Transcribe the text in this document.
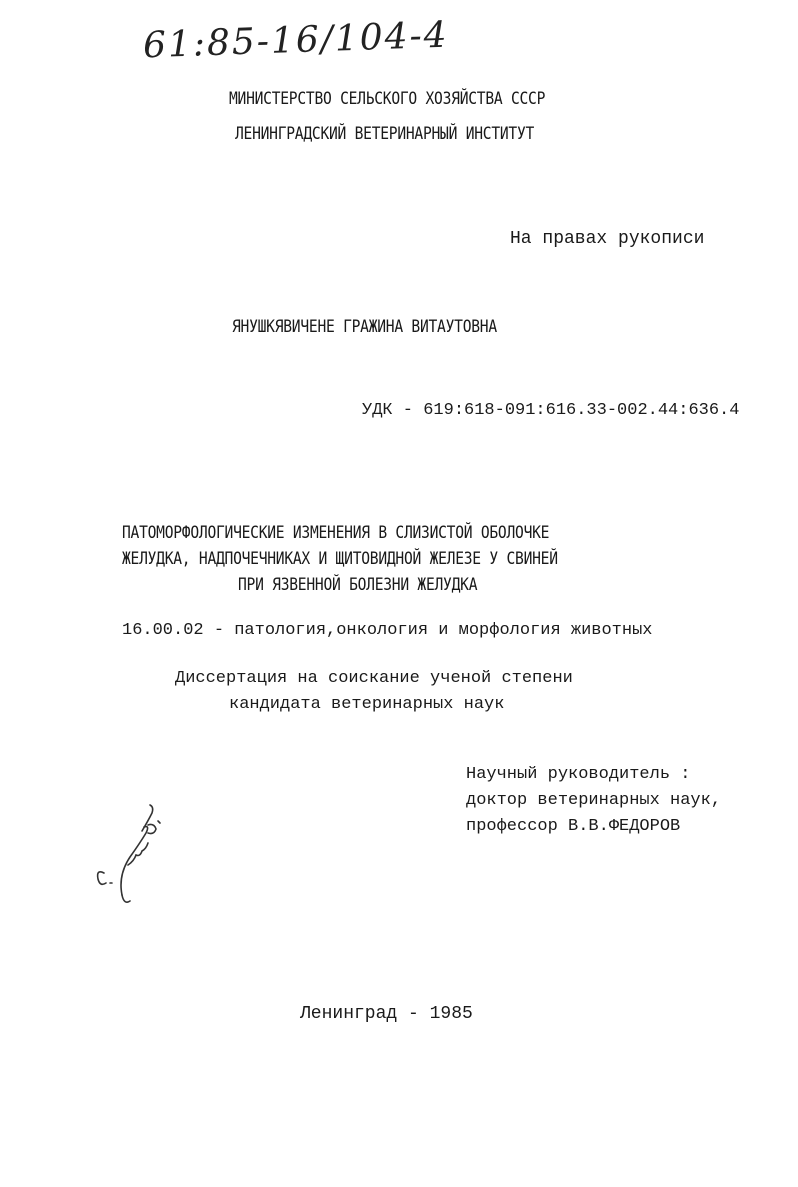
61:85-16/104-4
МИНИСТЕРСТВО СЕЛЬСКОГО ХОЗЯЙСТВА СССР
ЛЕНИНГРАДСКИЙ ВЕТЕРИНАРНЫЙ ИНСТИТУТ
На правах рукописи
ЯНУШКЯВИЧЕНЕ ГРАЖИНА ВИТАУТОВНА
УДК - 619:618-091:616.33-002.44:636.4
ПАТОМОРФОЛОГИЧЕСКИЕ ИЗМЕНЕНИЯ В СЛИЗИСТОЙ ОБОЛОЧКЕ
ЖЕЛУДКА, НАДПОЧЕЧНИКАХ И ЩИТОВИДНОЙ ЖЕЛЕЗЕ У СВИНЕЙ
ПРИ ЯЗВЕННОЙ БОЛЕЗНИ ЖЕЛУДКА
16.00.02 - патология,онкология и морфология животных
Диссертация на соискание ученой степени
кандидата ветеринарных наук
Научный руководитель :
доктор ветеринарных наук,
профессор В.В.ФЕДОРОВ
Ленинград - 1985
